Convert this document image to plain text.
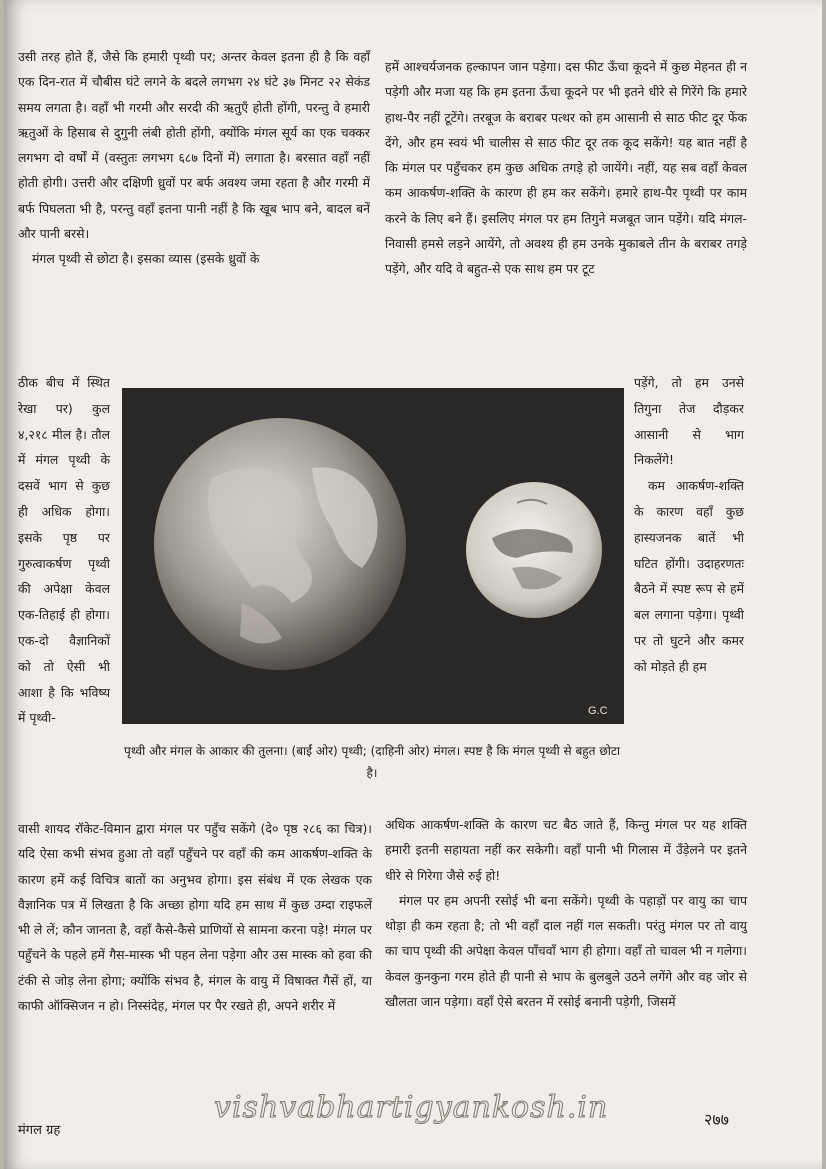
उसी तरह होते हैं, जैसे कि हमारी पृथ्वी पर; अन्तर केवल इतना ही है कि वहाँ एक दिन-रात में चौबीस घंटे लगने के बदले लगभग २४ घंटे ३७ मिनट २२ सेकंड समय लगता है। वहाँ भी गरमी और सरदी की ऋतुएँ होती होंगी, परन्तु वे हमारी ऋतुओं के हिसाब से दुगुनी लंबी होती होंगी, क्योंकि मंगल सूर्य का एक चक्कर लगभग दो वर्षों में (वस्तुतः लगभग ६८७ दिनों में) लगाता है। बरसात वहाँ नहीं होती होगी। उत्तरी और दक्षिणी ध्रुवों पर बर्फ अवश्य जमा रहता है और गरमी में बर्फ पिघलता भी है, परन्तु वहाँ इतना पानी नहीं है कि खूब भाप बने, बादल बनें और पानी बरसे।

मंगल पृथ्वी से छोटा है। इसका व्यास (इसके ध्रुवों के

हमें आश्चर्यजनक हल्कापन जान पड़ेगा। दस फीट ऊँचा कूदने में कुछ मेहनत ही न पड़ेगी और मजा यह कि हम इतना ऊँचा कूदने पर भी इतने धीरे से गिरेंगे कि हमारे हाथ-पैर नहीं टूटेंगे। तरबूज के बराबर पत्थर को हम आसानी से साठ फीट दूर फेंक देंगे, और हम स्वयं भी चालीस से साठ फीट दूर तक कूद सकेंगे! यह बात नहीं है कि मंगल पर पहुँचकर हम कुछ अधिक तगड़े हो जायेंगे। नहीं, यह सब वहाँ केवल कम आकर्षण-शक्ति के कारण ही हम कर सकेंगे। हमारे हाथ-पैर पृथ्वी पर काम करने के लिए बने हैं। इसलिए मंगल पर हम तिगुने मजबूत जान पड़ेंगे। यदि मंगल-निवासी हमसे लड़ने आयेंगे, तो अवश्य ही हम उनके मुकाबले तीन के बराबर तगड़े पड़ेंगे, और यदि वे बहुत-से एक साथ हम पर टूट

ठीक बीच में स्थित रेखा पर) कुल ४,२१८ मील है। तौल में मंगल पृथ्वी के दसवें भाग से कुछ ही अधिक होगा। इसके पृष्ठ पर गुरुत्वाकर्षण पृथ्वी की अपेक्षा केवल एक-तिहाई ही होगा। एक-दो वैज्ञानिकों को तो ऐसी भी आशा है कि भविष्य में पृथ्वी-

पड़ेंगे, तो हम उनसे तिगुना तेज दौड़कर आसानी से भाग निकलेंगे!

कम आकर्षण-शक्ति के कारण वहाँ कुछ हास्यजनक बातें भी घटित होंगी। उदाहरणतः बैठने में स्पष्ट रूप से हमें बल लगाना पड़ेगा। पृथ्वी पर तो घुटने और कमर को मोड़ते ही हम

G.C
पृथ्वी और मंगल के आकार की तुलना। (बाईं ओर) पृथ्वी; (दाहिनी ओर) मंगल। स्पष्ट है कि मंगल पृथ्वी से बहुत छोटा है।

वासी शायद रॉकेट-विमान द्वारा मंगल पर पहुँच सकेंगे (दे० पृष्ठ २८६ का चित्र)। यदि ऐसा कभी संभव हुआ तो वहाँ पहुँचने पर वहाँ की कम आकर्षण-शक्ति के कारण हमें कई विचित्र बातों का अनुभव होगा। इस संबंध में एक लेखक एक वैज्ञानिक पत्र में लिखता है कि अच्छा होगा यदि हम साथ में कुछ उम्दा राइफलें भी ले लें; कौन जानता है, वहाँ कैसे-कैसे प्राणियों से सामना करना पड़े! मंगल पर पहुँचने के पहले हमें गैस-मास्क भी पहन लेना पड़ेगा और उस मास्क को हवा की टंकी से जोड़ लेना होगा; क्योंकि संभव है, मंगल के वायु में विषाक्त गैसें हों, या काफी ऑक्सिजन न हो। निस्संदेह, मंगल पर पैर रखते ही, अपने शरीर में

अधिक आकर्षण-शक्ति के कारण चट बैठ जाते हैं, किन्तु मंगल पर यह शक्ति हमारी इतनी सहायता नहीं कर सकेगी। वहाँ पानी भी गिलास में उँड़ेलने पर इतने धीरे से गिरेगा जैसे रुई हो!

मंगल पर हम अपनी रसोई भी बना सकेंगे। पृथ्वी के पहाड़ों पर वायु का चाप थोड़ा ही कम रहता है; तो भी वहाँ दाल नहीं गल सकती। परंतु मंगल पर तो वायु का चाप पृथ्वी की अपेक्षा केवल पाँचवाँ भाग ही होगा। वहाँ तो चावल भी न गलेगा। केवल कुनकुना गरम होते ही पानी से भाप के बुलबुले उठने लगेंगे और वह जोर से खौलता जान पड़ेगा। वहाँ ऐसे बरतन में रसोई बनानी पड़ेगी, जिसमें

vishvabhartigyankosh.in
मंगल ग्रह
२७७
